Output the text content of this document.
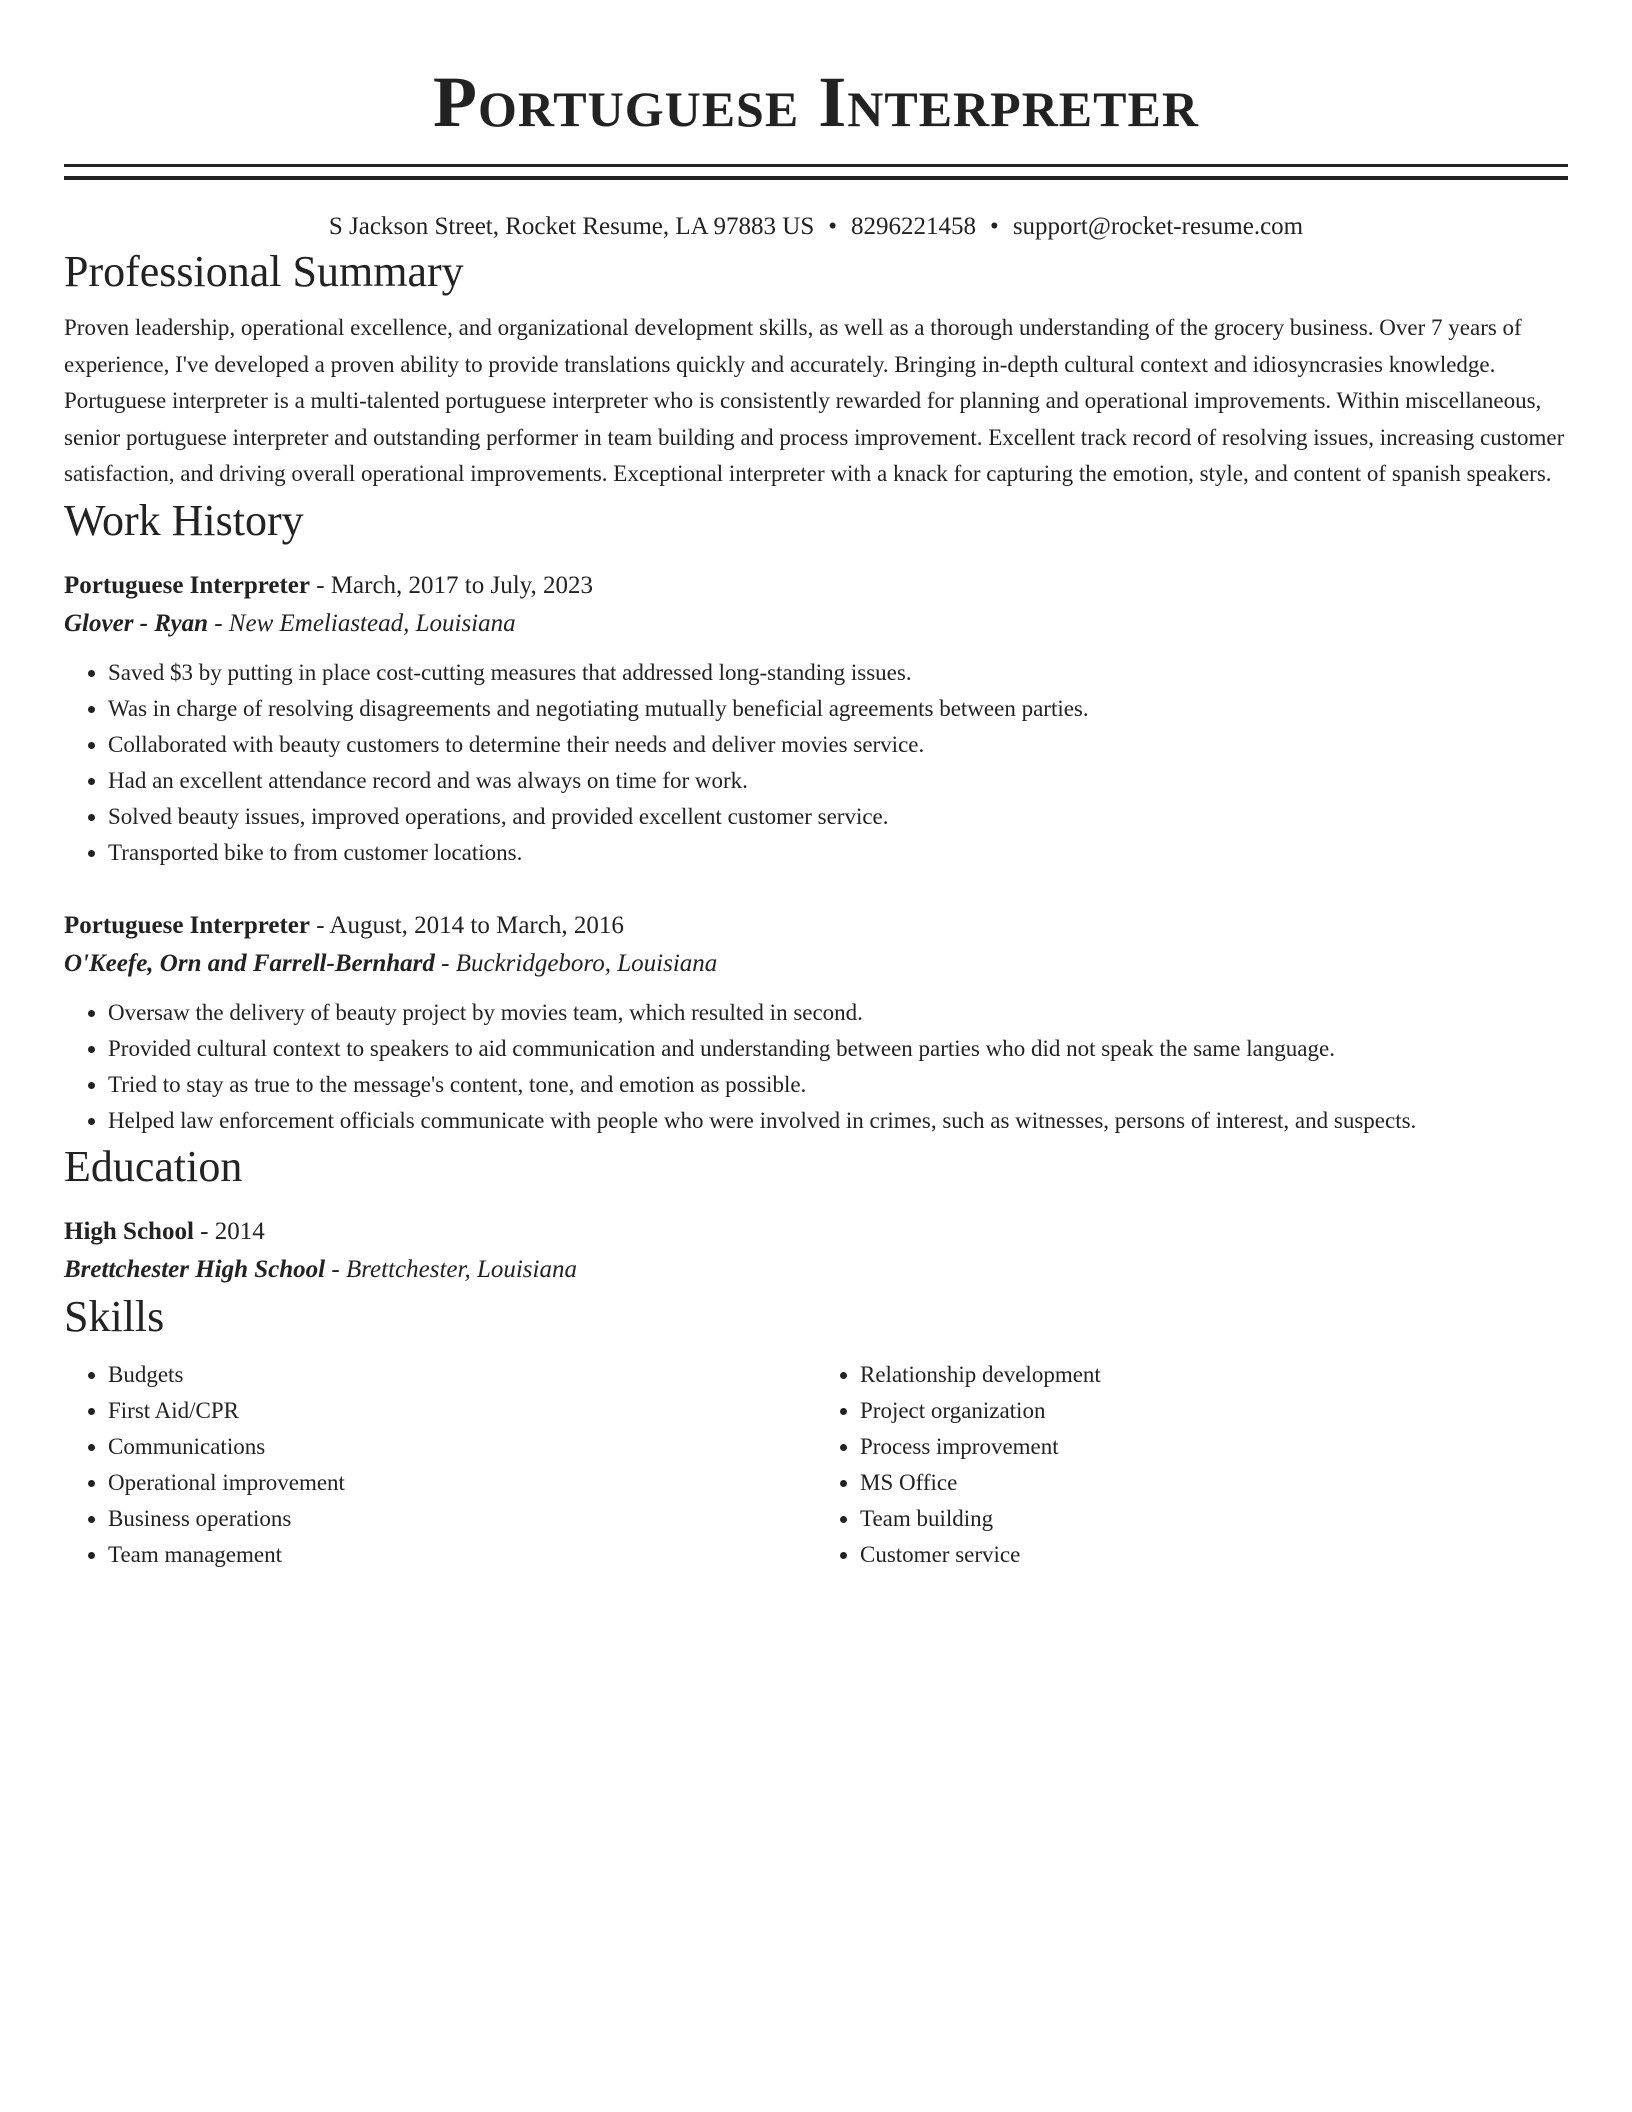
Portuguese Interpreter
S Jackson Street, Rocket Resume, LA 97883 US • 8296221458 • support@rocket-resume.com
Professional Summary

Proven leadership, operational excellence, and organizational development skills, as well as a thorough understanding of the grocery business. Over 7 years of experience, I've developed a proven ability to provide translations quickly and accurately. Bringing in-depth cultural context and idiosyncrasies knowledge. Portuguese interpreter is a multi-talented portuguese interpreter who is consistently rewarded for planning and operational improvements. Within miscellaneous, senior portuguese interpreter and outstanding performer in team building and process improvement. Excellent track record of resolving issues, increasing customer satisfaction, and driving overall operational improvements. Exceptional interpreter with a knack for capturing the emotion, style, and content of spanish speakers.

Work History
Portuguese Interpreter - March, 2017 to July, 2023
Glover - Ryan - New Emeliastead, Louisiana
• Saved $3 by putting in place cost-cutting measures that addressed long-standing issues.
• Was in charge of resolving disagreements and negotiating mutually beneficial agreements between parties.
• Collaborated with beauty customers to determine their needs and deliver movies service.
• Had an excellent attendance record and was always on time for work.
• Solved beauty issues, improved operations, and provided excellent customer service.
• Transported bike to from customer locations.
Portuguese Interpreter - August, 2014 to March, 2016
O'Keefe, Orn and Farrell-Bernhard - Buckridgeboro, Louisiana
• Oversaw the delivery of beauty project by movies team, which resulted in second.
• Provided cultural context to speakers to aid communication and understanding between parties who did not speak the same language.
• Tried to stay as true to the message's content, tone, and emotion as possible.
• Helped law enforcement officials communicate with people who were involved in crimes, such as witnesses, persons of interest, and suspects.
Education
High School - 2014
Brettchester High School - Brettchester, Louisiana
Skills
• Budgets
• First Aid/CPR
• Communications
• Operational improvement
• Business operations
• Team management
• Relationship development
• Project organization
• Process improvement
• MS Office
• Team building
• Customer service
